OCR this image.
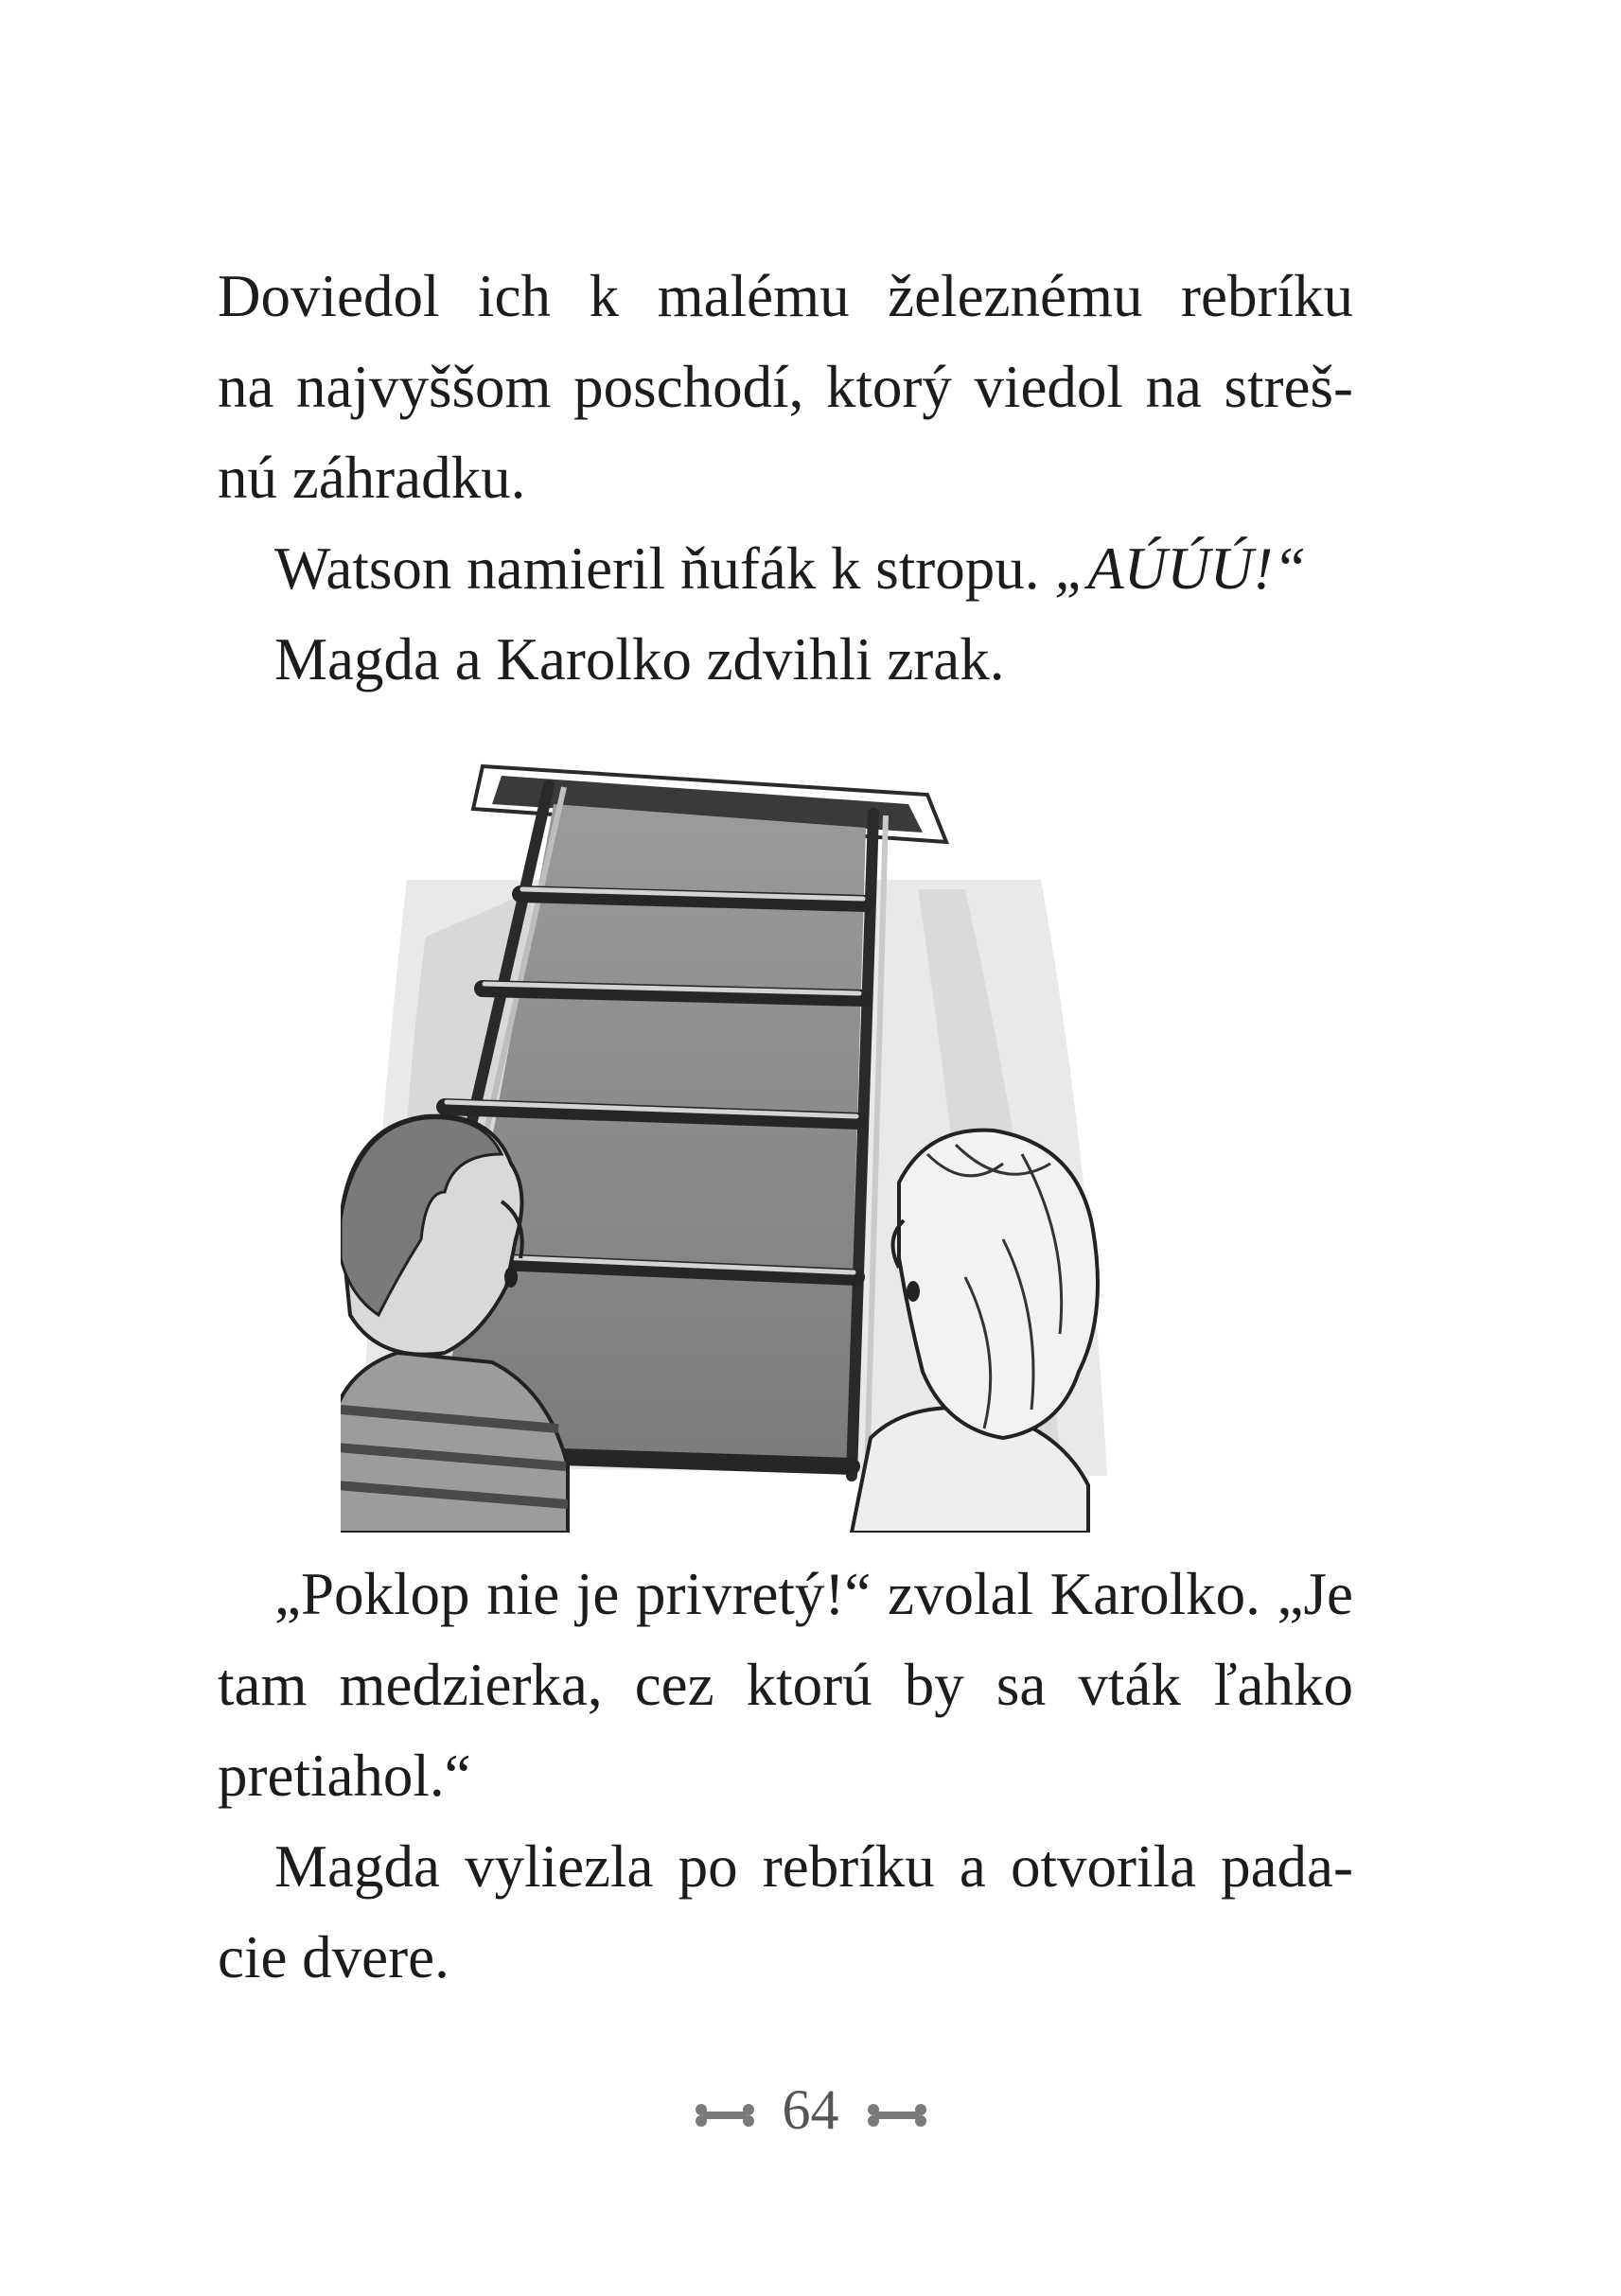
Doviedol ich k malému železnému rebríku
na najvyššom poschodí, ktorý viedol na streš-
nú záhradku.
Watson namieril ňufák k stropu. „AÚÚÚ!“
Magda a Karolko zdvihli zrak.
„Poklop nie je privretý!“ zvolal Karolko. „Je
tam medzierka, cez ktorú by sa vták ľahko
pretiahol.“
Magda vyliezla po rebríku a otvorila pada-
cie dvere.
64
